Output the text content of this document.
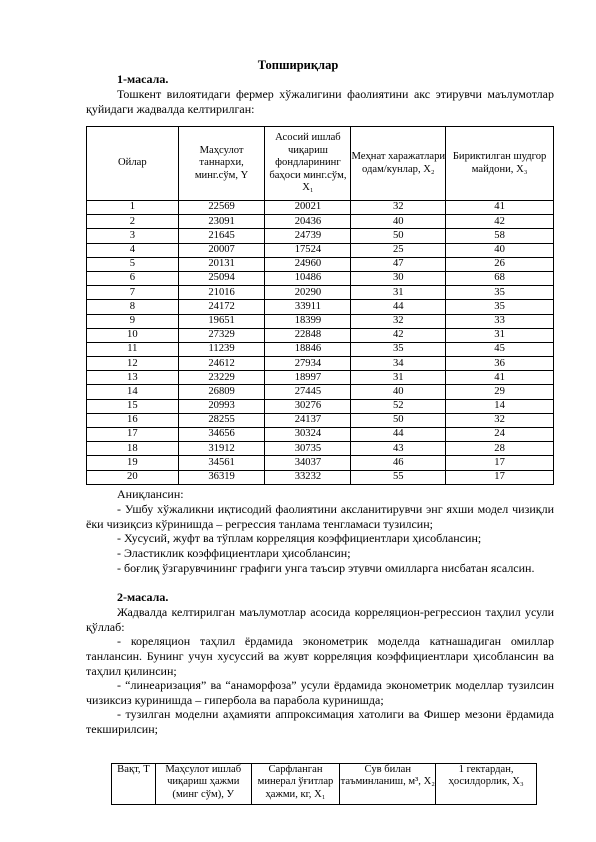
Топшириқлар
1-масала.
Тошкент вилоятидаги фермер хўжалигини фаолиятини акс этирувчи маълумотлар қуйидаги жадвалда келтирилган:
Ойлар	Маҳсулот таннархи, минг.сўм, Y	Асосий ишлаб чиқариш фондларининг баҳоси минг.сўм, X₁	Меҳнат харажатлари одам/кунлар, X₂	Бириктилган шудгор майдони, X₃
1	22569	20021	32	41
2	23091	20436	40	42
3	21645	24739	50	58
4	20007	17524	25	40
5	20131	24960	47	26
6	25094	10486	30	68
7	21016	20290	31	35
8	24172	33911	44	35
9	19651	18399	32	33
10	27329	22848	42	31
11	11239	18846	35	45
12	24612	27934	34	36
13	23229	18997	31	41
14	26809	27445	40	29
15	20993	30276	52	14
16	28255	24137	50	32
17	34656	30324	44	24
18	31912	30735	43	28
19	34561	34037	46	17
20	36319	33232	55	17
Аниқлансин:
- Ушбу хўжаликни иқтисодий фаолиятини аксланитирувчи энг яхши модел чизиқли ёки чизиқсиз кўринишда – регрессия танлама тенгламаси тузилсин;
- Хусусий, жуфт ва тўплам корреляция коэффициентлари ҳисоблансин;
- Эластиклик коэффициентлари ҳисоблансин;
- боғлиқ ўзгарувчининг графиги унга таъсир этувчи омилларга нисбатан ясалсин.
2-масала.
Жадвалда келтирилган маълумотлар асосида корреляцион-регрессион таҳлил усули қўллаб:
- кореляцион таҳлил ёрдамида эконометрик моделда катнашадиган омиллар танлансин. Бунинг учун хусуссий ва жувт корреляция коэффициентлари ҳисоблансин ва таҳлил қилинсин;
- “линеаризация” ва “анаморфоза” усули ёрдамида эконометрик моделлар тузилсин чизиксиз куринишда – гипербола ва парабола куринишда;
- тузилган моделни аҳамияти аппроксимация хатолиги ва Фишер мезони ёрдамида текширилсин;
Вақт, T	Маҳсулот ишлаб чиқариш ҳажми (минг сўм), У	Сарфланган минерал ўғитлар ҳажми, кг, X₁	Сув билан таъминланиш, м³, X₂	1 гектардан, ҳосилдорлик, X₃
